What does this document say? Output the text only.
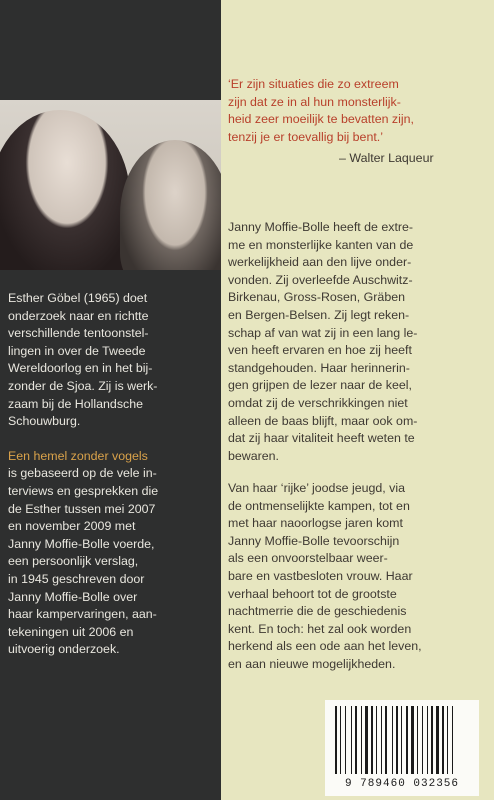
Esther Göbel (1965) doet
onderzoek naar en richtte
verschillende tentoonstel-
lingen in over de Tweede
Wereldoorlog en in het bij-
zonder de Sjoa. Zij is werk-
zaam bij de Hollandsche
Schouwburg.

Een hemel zonder vogels
is gebaseerd op de vele in-
terviews en gesprekken die
de Esther tussen mei 2007
en november 2009 met
Janny Moffie-Bolle voerde,
een persoonlijk verslag,
in 1945 geschreven door
Janny Moffie-Bolle over
haar kampervaringen, aan-
tekeningen uit 2006 en
uitvoerig onderzoek.

‘Er zijn situaties die zo extreem
zijn dat ze in al hun monsterlijk-
heid zeer moeilijk te bevatten zijn,
tenzij je er toevallig bij bent.’
– Walter Laqueur
Janny Moffie-Bolle heeft de extre-
me en monsterlijke kanten van de
werkelijkheid aan den lijve onder-
vonden. Zij overleefde Auschwitz-
Birkenau, Gross-Rosen, Gräben
en Bergen-Belsen. Zij legt reken-
schap af van wat zij in een lang le-
ven heeft ervaren en hoe zij heeft
standgehouden. Haar herinnerin-
gen grijpen de lezer naar de keel,
omdat zij de verschrikkingen niet
alleen de baas blijft, maar ook om-
dat zij haar vitaliteit heeft weten te
bewaren.
Van haar ‘rijke’ joodse jeugd, via
de ontmenselijkte kampen, tot en
met haar naoorlogse jaren komt
Janny Moffie-Bolle tevoorschijn
als een onvoorstelbaar weer-
bare en vastbesloten vrouw. Haar
verhaal behoort tot de grootste
nachtmerrie die de geschiedenis
kent. En toch: het zal ook worden
herkend als een ode aan het leven,
en aan nieuwe mogelijkheden.
9 789460 032356
